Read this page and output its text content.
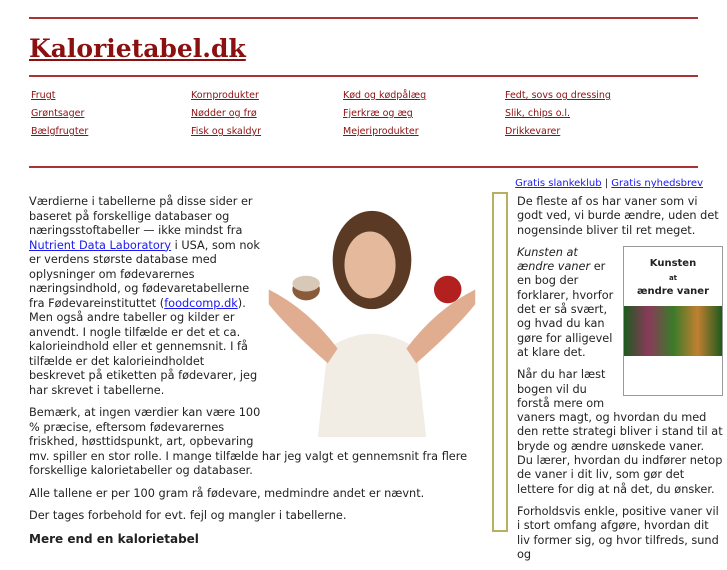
Kalorietabel.dk
Frugt	Kornprodukter	Kød og kødpålæg	Fedt, sovs og dressing
Grøntsager	Nødder og frø	Fjerkræ og æg	Slik, chips o.l.
Bælgfrugter	Fisk og skaldyr	Mejeriprodukter	Drikkevarer
Gratis slankeklub | Gratis nyhedsbrev

Værdierne i tabellerne på disse sider er baseret på forskellige databaser og næringsstoftabeller — ikke mindst fra Nutrient Data Laboratory i USA, som nok er verdens største database med oplysninger om fødevarernes næringsindhold, og fødevaretabellerne fra Fødevareinstituttet (foodcomp.dk). Men også andre tabeller og kilder er anvendt. I nogle tilfælde er det et ca. kalorieindhold eller et gennemsnit. I få tilfælde er det kalorieindholdet beskrevet på etiketten på fødevarer, jeg har skrevet i tabellerne.

Bemærk, at ingen værdier kan være 100 % præcise, eftersom fødevarernes friskhed, høsttidspunkt, art, opbevaring mv. spiller en stor rolle. I mange tilfælde har jeg valgt et gennemsnit fra flere forskellige kalorietabeller og databaser.

Alle tallene er per 100 gram rå fødevare, medmindre andet er nævnt.

Der tages forbehold for evt. fejl og mangler i tabellerne.

Mere end en kalorietabel

De fleste af os har vaner som vi godt ved, vi burde ændre, uden det nogensinde bliver til ret meget.

Kunsten
at
ændre vaner

Kunsten at ændre vaner er en bog der forklarer, hvorfor det er så svært, og hvad du kan gøre for alligevel at klare det.

Når du har læst bogen vil du forstå mere om vaners magt, og hvordan du med den rette strategi bliver i stand til at bryde og ændre uønskede vaner. Du lærer, hvordan du indfører netop de vaner i dit liv, som gør det lettere for dig at nå det, du ønsker.

Forholdsvis enkle, positive vaner vil i stort omfang afgøre, hvordan dit liv former sig, og hvor tilfreds, sund og
